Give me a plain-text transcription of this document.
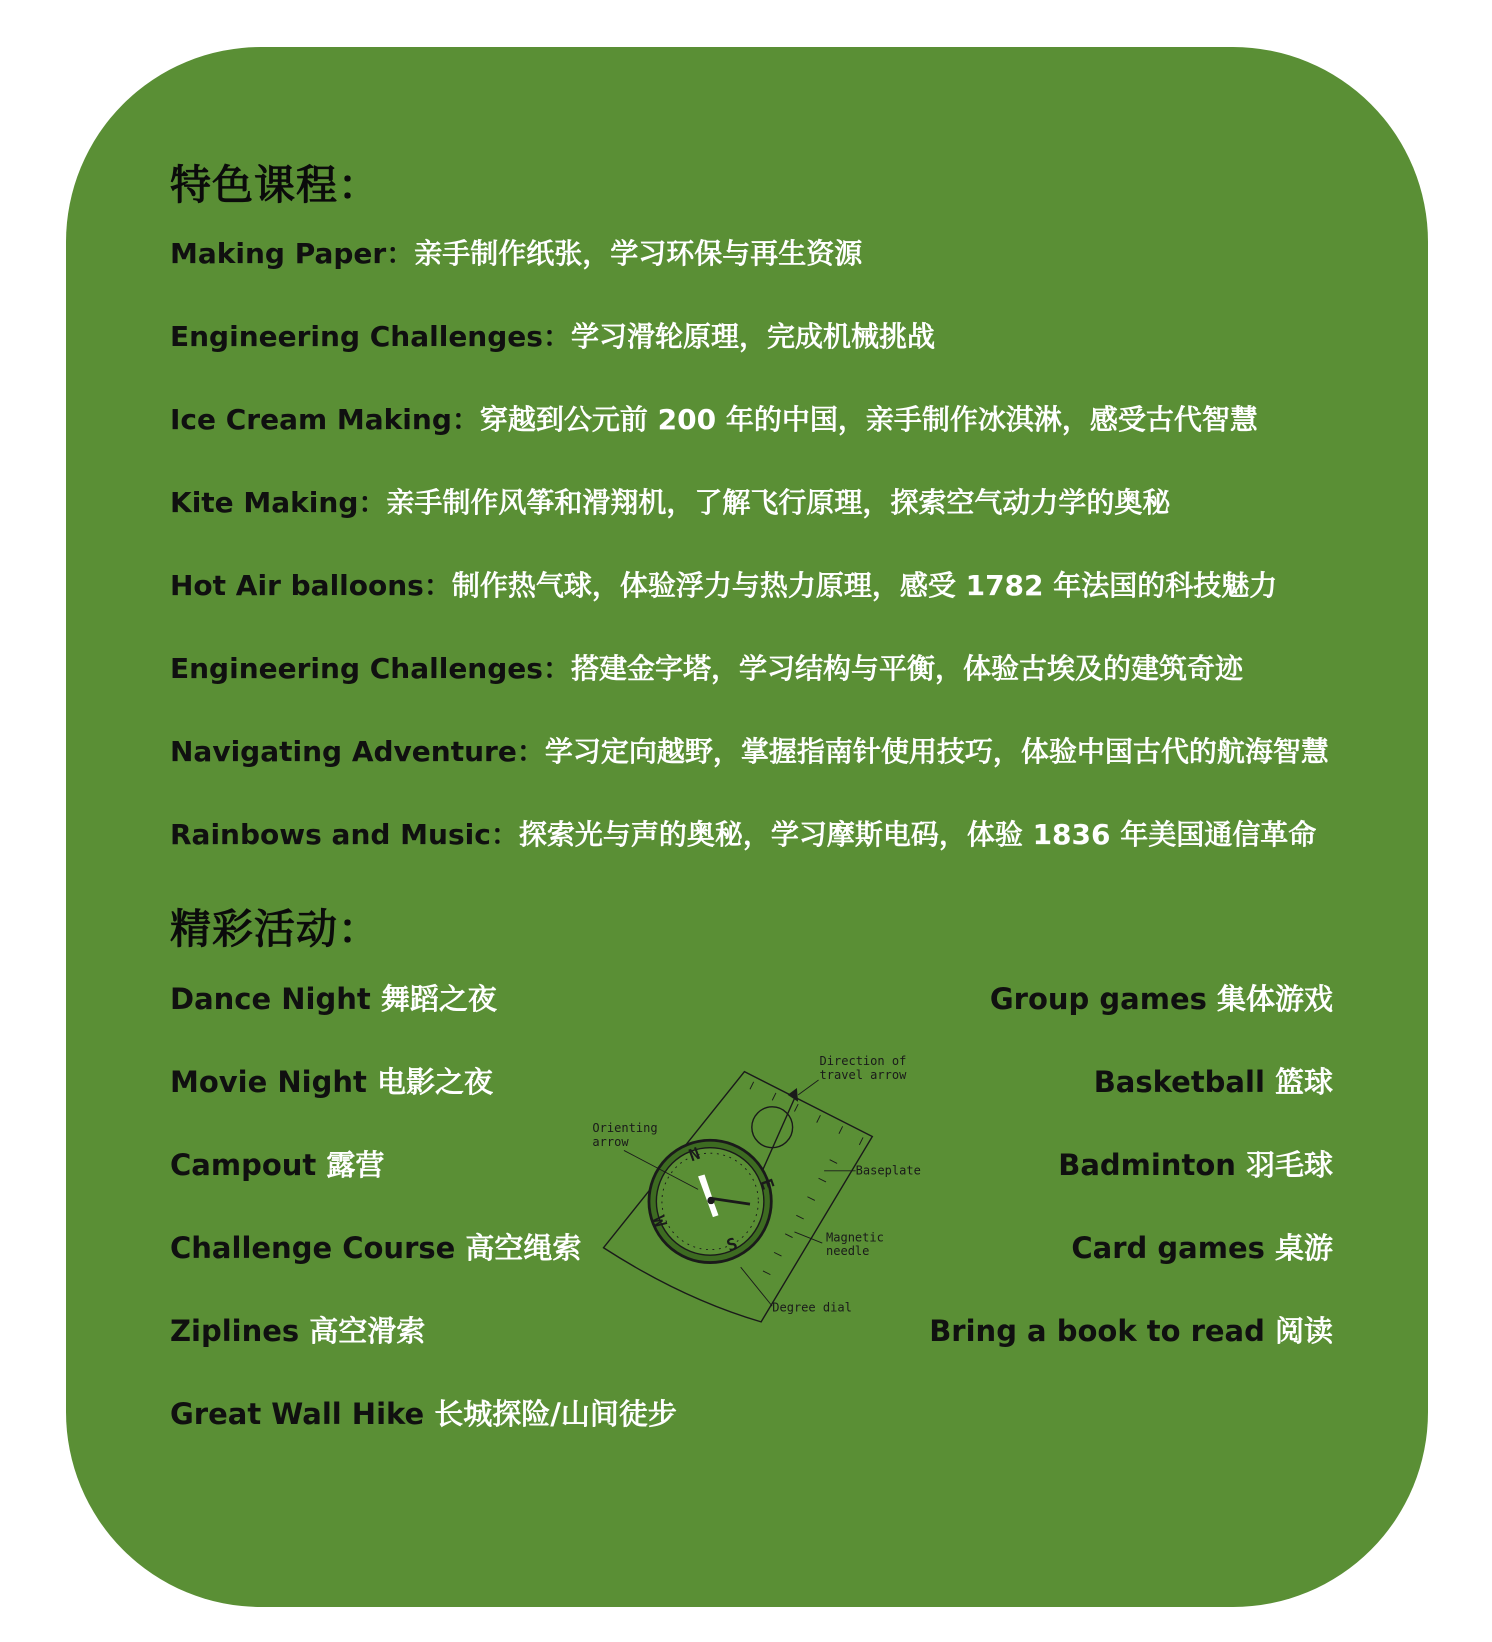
特色课程：
Making Paper：亲手制作纸张，学习环保与再生资源
Engineering Challenges：学习滑轮原理，完成机械挑战
Ice Cream Making：穿越到公元前 200 年的中国，亲手制作冰淇淋，感受古代智慧
Kite Making：亲手制作风筝和滑翔机，了解飞行原理，探索空气动力学的奥秘
Hot Air balloons：制作热气球，体验浮力与热力原理，感受 1782 年法国的科技魅力
Engineering Challenges：搭建金字塔，学习结构与平衡，体验古埃及的建筑奇迹
Navigating Adventure：学习定向越野，掌握指南针使用技巧，体验中国古代的航海智慧
Rainbows and Music：探索光与声的奥秘，学习摩斯电码，体验 1836 年美国通信革命
精彩活动：
Dance Night 舞蹈之夜
Movie Night 电影之夜
Campout 露营
Challenge Course 高空绳索
Ziplines 高空滑索
Great Wall Hike 长城探险/山间徒步
Group games 集体游戏
Basketball 篮球
Badminton 羽毛球
Card games 桌游
Bring a book to read 阅读
N
E
S
W
Direction of
travel arrow
Orienting
arrow
Baseplate
Magnetic
needle
Degree dial
